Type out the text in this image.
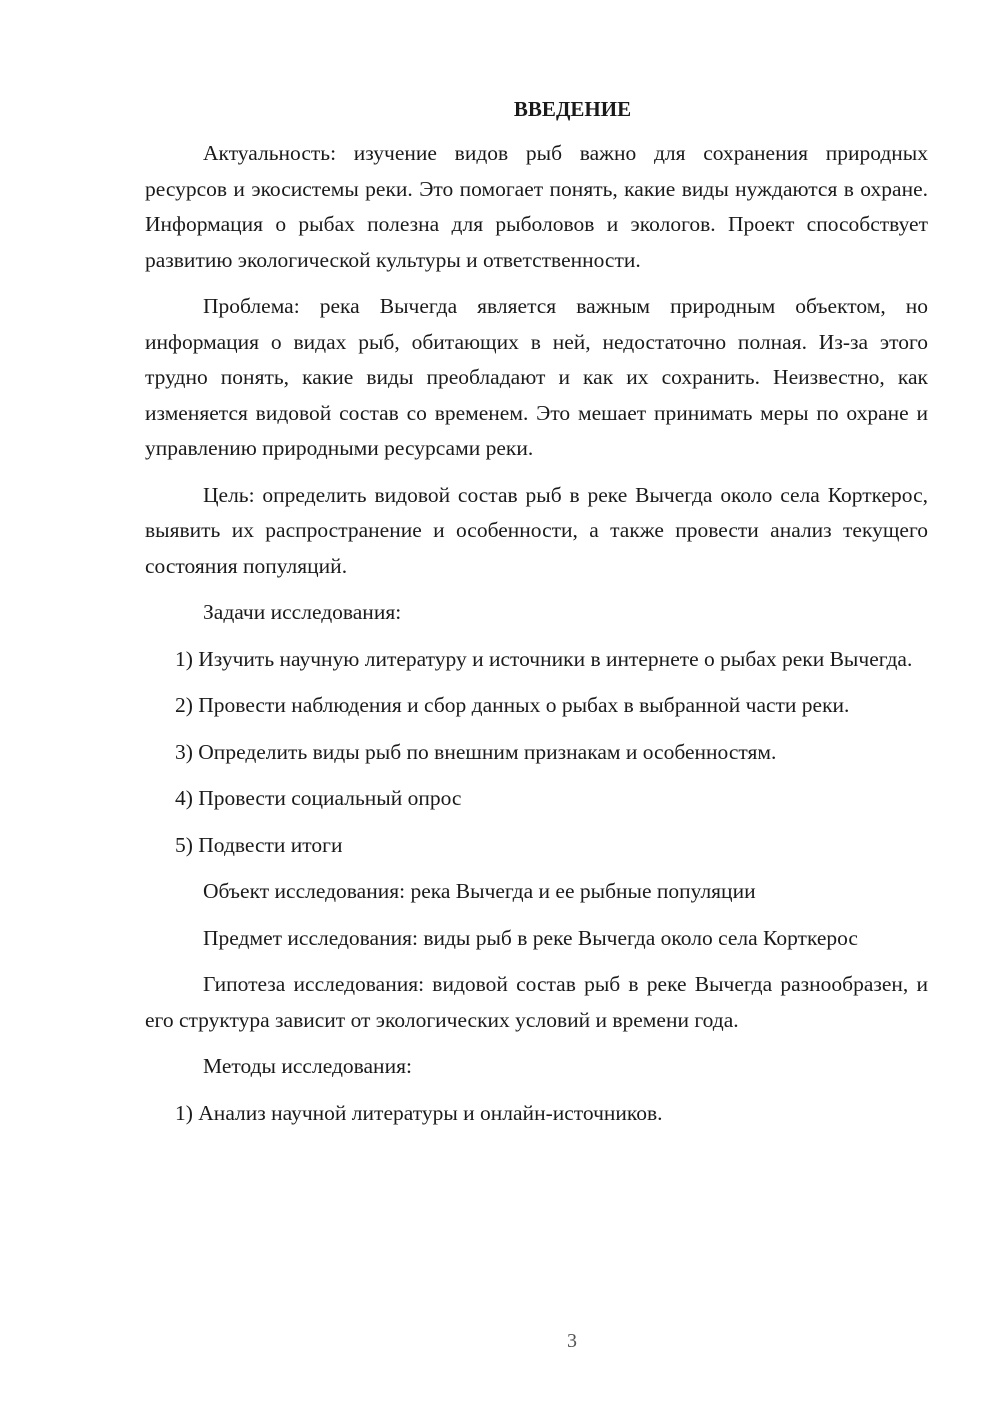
ВВЕДЕНИЕ

Актуальность: изучение видов рыб важно для сохранения природных ресурсов и экосистемы реки. Это помогает понять, какие виды нуждаются в охране. Информация о рыбах полезна для рыболовов и экологов. Проект способствует развитию экологической культуры и ответственности.

Проблема: река Вычегда является важным природным объектом, но информация о видах рыб, обитающих в ней, недостаточно полная. Из-за этого трудно понять, какие виды преобладают и как их сохранить. Неизвестно, как изменяется видовой состав со временем. Это мешает принимать меры по охране и управлению природными ресурсами реки.

Цель: определить видовой состав рыб в реке Вычегда около села Корткерос, выявить их распространение и особенности, а также провести анализ текущего состояния популяций.

Задачи исследования:

1) Изучить научную литературу и источники в интернете о рыбах реки Вычегда.

2) Провести наблюдения и сбор данных о рыбах в выбранной части реки.

3) Определить виды рыб по внешним признакам и особенностям.

4) Провести социальный опрос

5) Подвести итоги

Объект исследования: река Вычегда и ее рыбные популяции

Предмет исследования: виды рыб в реке Вычегда около села Корткерос

Гипотеза исследования: видовой состав рыб в реке Вычегда разнообразен, и его структура зависит от экологических условий и времени года.

Методы исследования:

1) Анализ научной литературы и онлайн-источников.

3
